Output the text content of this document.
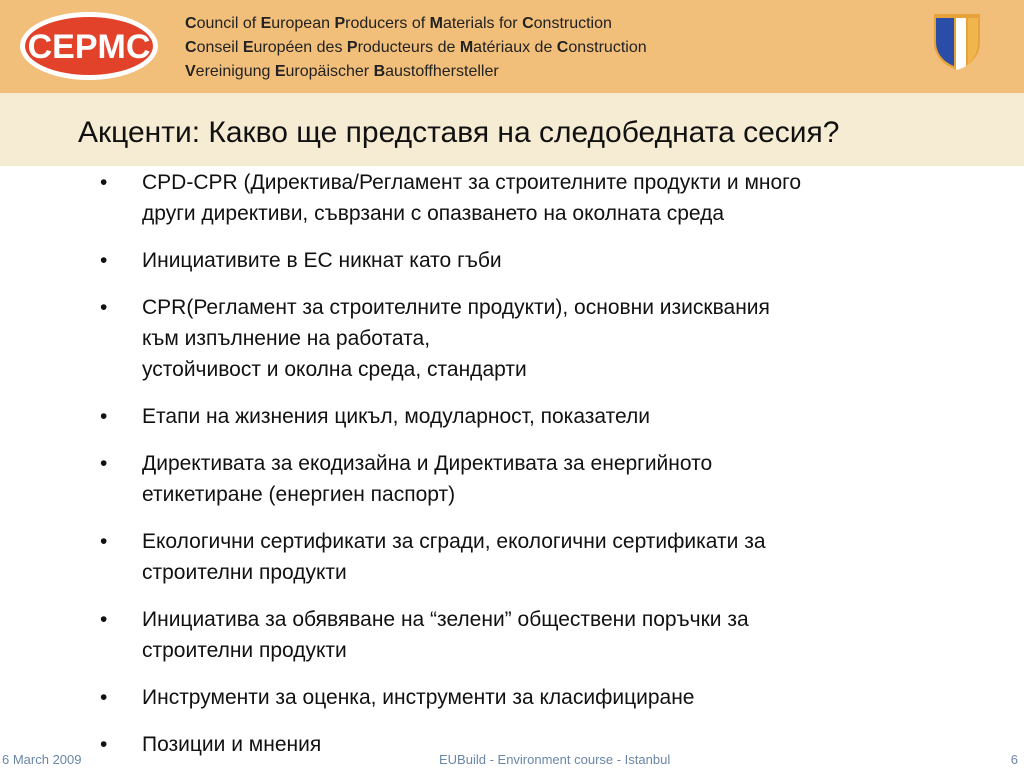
CEPMC
Council of European Producers of Materials for Construction
Conseil Européen des Producteurs de Matériaux de Construction
Vereinigung Europäischer Baustoffhersteller
Акценти: Какво ще представя на следобедната сесия?
• CPD-CPR (Директива/Регламент за строителните продукти и много
други директиви, съврзани с опазването на околната среда
• Инициативите в ЕС никнат като гъби
• CPR(Регламент за строителните продукти), основни изисквания
към изпълнение на работата,
устойчивост и околна среда, стандарти
• Етапи на жизнения цикъл, модуларност, показатели
• Директивата за екодизайна и Директивата за енергийното
етикетиране (енергиен паспорт)
• Екологични сертификати за сгради, екологични сертификати за
строителни продукти
• Инициатива за обявяване на “зелени” обществени поръчки за
строителни продукти
• Инструменти за оценка, инструменти за класифициране
• Позиции и мнения
6 March 2009	EUBuild - Environment course - Istanbul	6
